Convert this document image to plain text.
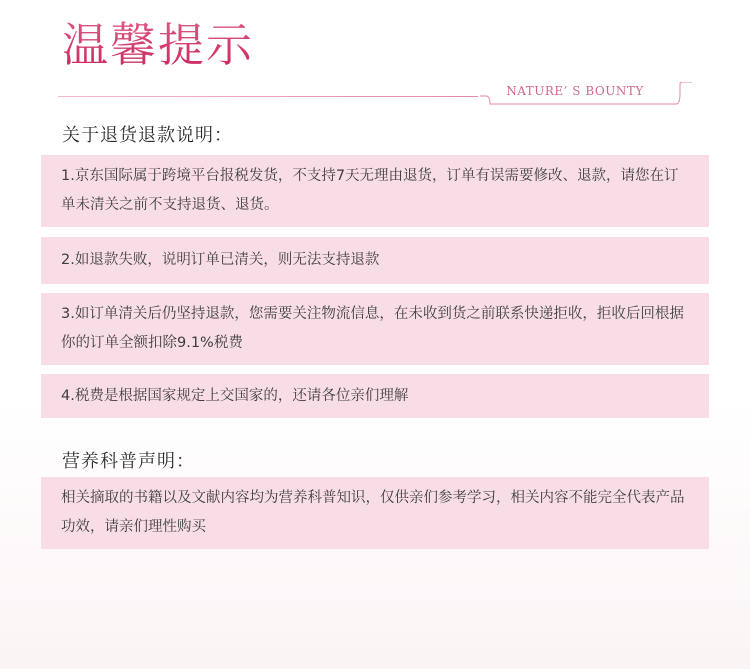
温馨提示
NATURE’ S BOUNTY
关于退货退款说明：
1.京东国际属于跨境平台报税发货，不支持7天无理由退货，订单有误需要修改、退款，请您在订单未清关之前不支持退货、退货。
2.如退款失败，说明订单已清关，则无法支持退款
3.如订单清关后仍坚持退款，您需要关注物流信息，在未收到货之前联系快递拒收，拒收后回根据你的订单全额扣除9.1%税费
4.税费是根据国家规定上交国家的，还请各位亲们理解
营养科普声明：
相关摘取的书籍以及文献内容均为营养科普知识，仅供亲们参考学习，相关内容不能完全代表产品功效，请亲们理性购买
